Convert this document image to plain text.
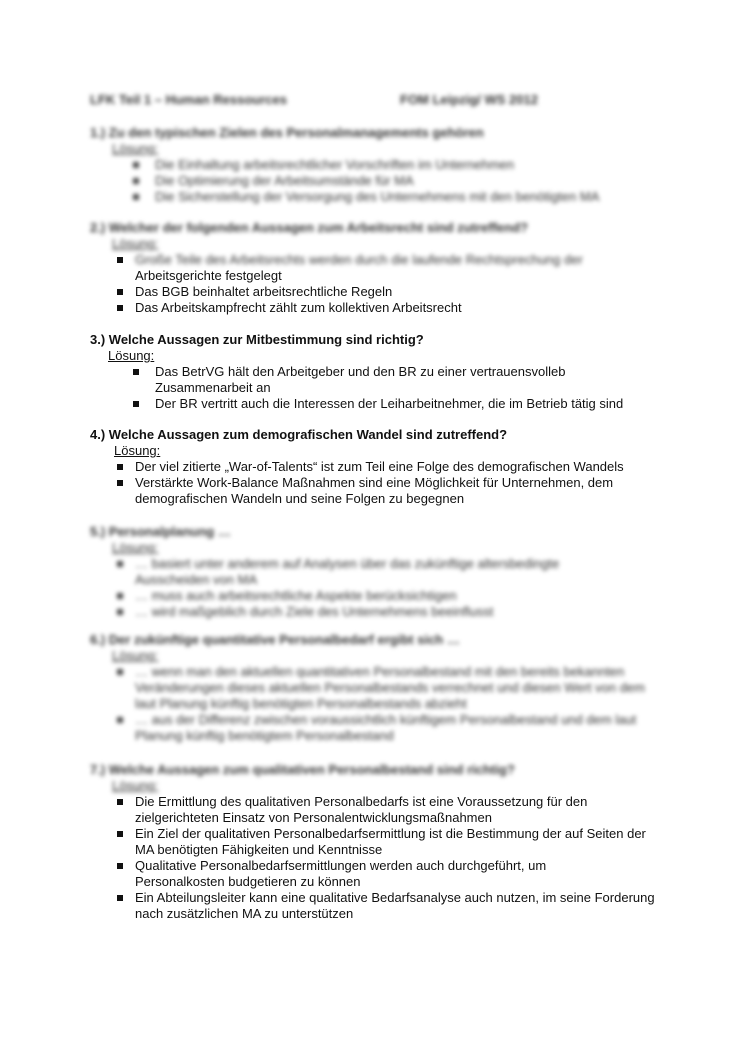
LFK Teil 1 – Human Ressources	FOM Leipzig/ WS 2012

1.) Zu den typischen Zielen des Personalmanagements gehören

Lösung:
Die Einhaltung arbeitsrechtlicher Vorschriften im Unternehmen
Die Optimierung der Arbeitsumstände für MA
Die Sicherstellung der Versorgung des Unternehmens mit den benötigten MA

2.) Welcher der folgenden Aussagen zum Arbeitsrecht sind zutreffend?

Lösung:
Große Teile des Arbeitsrechts werden durch die laufende Rechtsprechung der
Arbeitsgerichte festgelegt
Das BGB beinhaltet arbeitsrechtliche Regeln
Das Arbeitskampfrecht zählt zum kollektiven Arbeitsrecht

3.) Welche Aussagen zur Mitbestimmung sind richtig?

Lösung:
Das BetrVG hält den Arbeitgeber und den BR zu einer vertrauensvolleb Zusammenarbeit an
Der BR vertritt auch die Interessen der Leiharbeitnehmer, die im Betrieb tätig sind

4.) Welche Aussagen zum demografischen Wandel sind zutreffend?

Lösung:
Der viel zitierte „War-of-Talents“ ist zum Teil eine Folge des demografischen Wandels
Verstärkte Work-Balance Maßnahmen sind eine Möglichkeit für Unternehmen, dem demografischen Wandeln und seine Folgen zu begegnen

5.) Personalplanung …

Lösung:
… basiert unter anderem auf Analysen über das zukünftige altersbedingte Ausscheiden von MA
… muss auch arbeitsrechtliche Aspekte berücksichtigen
… wird maßgeblich durch Ziele des Unternehmens beeinflusst

6.) Der zukünftige quantitative Personalbedarf ergibt sich …

Lösung:
… wenn man den aktuellen quantitativen Personalbestand mit den bereits bekannten Veränderungen dieses aktuellen Personalbestands verrechnet und diesen Wert von dem laut Planung künftig benötigten Personalbestands abzieht
… aus der Differenz zwischen voraussichtlich künftigem Personalbestand und dem laut Planung künftig benötigtem Personalbestand

7.) Welche Aussagen zum qualitativen Personalbestand sind richtig?

Lösung:
Die Ermittlung des qualitativen Personalbedarfs ist eine Voraussetzung für den zielgerichteten Einsatz von Personalentwicklungsmaßnahmen
Ein Ziel der qualitativen Personalbedarfsermittlung ist die Bestimmung der auf Seiten der MA benötigten Fähigkeiten und Kenntnisse
Qualitative Personalbedarfsermittlungen werden auch durchgeführt, um Personalkosten budgetieren zu können
Ein Abteilungsleiter kann eine qualitative Bedarfsanalyse auch nutzen, im seine Forderung nach zusätzlichen MA zu unterstützen
